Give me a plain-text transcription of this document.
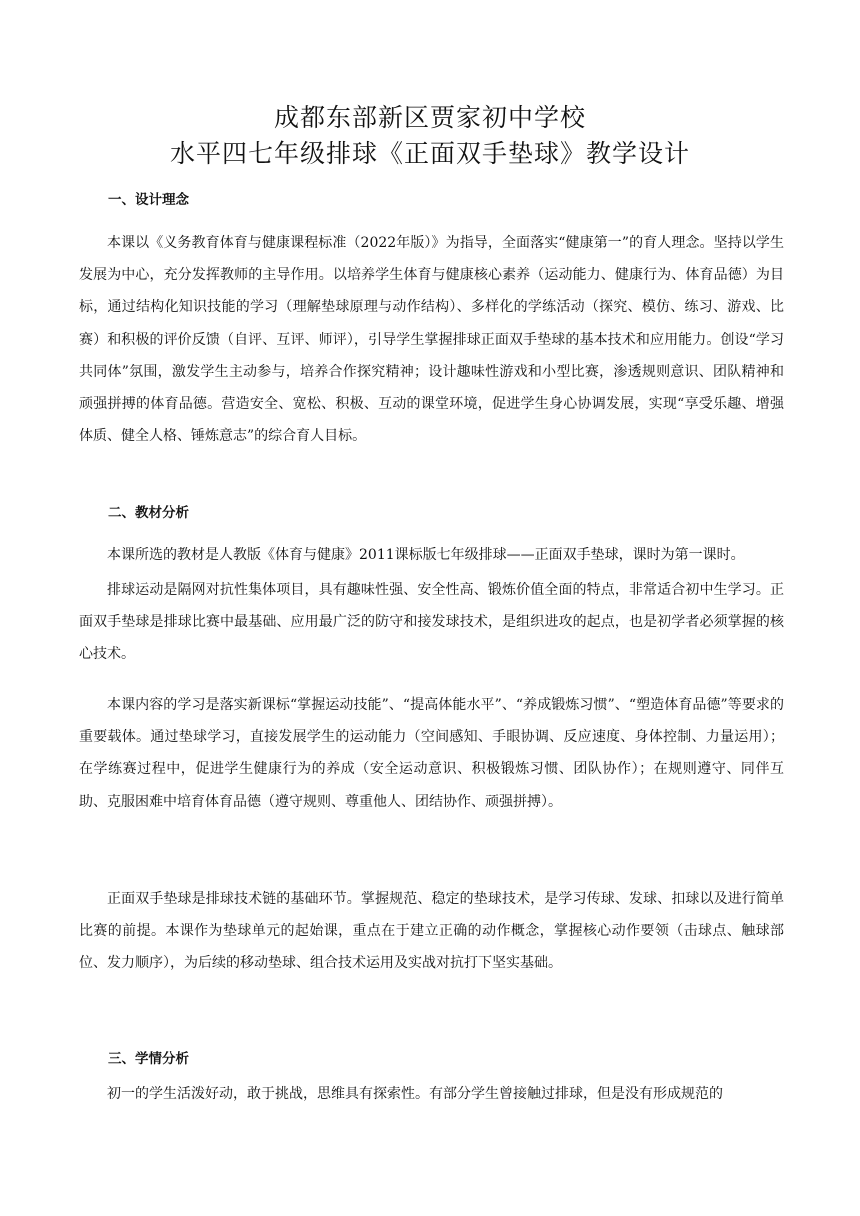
成都东部新区贾家初中学校
水平四七年级排球《正面双手垫球》教学设计
一、设计理念
本课以《义务教育体育与健康课程标准（2022年版）》为指导，全面落实“健康第一”的育人理念。坚持以学生发展为中心，充分发挥教师的主导作用。以培养学生体育与健康核心素养（运动能力、健康行为、体育品德）为目标，通过结构化知识技能的学习（理解垫球原理与动作结构）、多样化的学练活动（探究、模仿、练习、游戏、比赛）和积极的评价反馈（自评、互评、师评），引导学生掌握排球正面双手垫球的基本技术和应用能力。创设“学习共同体”氛围，激发学生主动参与，培养合作探究精神；设计趣味性游戏和小型比赛，渗透规则意识、团队精神和顽强拼搏的体育品德。营造安全、宽松、积极、互动的课堂环境，促进学生身心协调发展，实现“享受乐趣、增强体质、健全人格、锤炼意志”的综合育人目标。
二、教材分析
本课所选的教材是人教版《体育与健康》2011课标版七年级排球——正面双手垫球，课时为第一课时。
排球运动是隔网对抗性集体项目，具有趣味性强、安全性高、锻炼价值全面的特点，非常适合初中生学习。正面双手垫球是排球比赛中最基础、应用最广泛的防守和接发球技术，是组织进攻的起点，也是初学者必须掌握的核心技术。
本课内容的学习是落实新课标“掌握运动技能”、“提高体能水平”、“养成锻炼习惯”、“塑造体育品德”等要求的重要载体。通过垫球学习，直接发展学生的运动能力（空间感知、手眼协调、反应速度、身体控制、力量运用）；在学练赛过程中，促进学生健康行为的养成（安全运动意识、积极锻炼习惯、团队协作）；在规则遵守、同伴互助、克服困难中培育体育品德（遵守规则、尊重他人、团结协作、顽强拼搏）。
正面双手垫球是排球技术链的基础环节。掌握规范、稳定的垫球技术，是学习传球、发球、扣球以及进行简单比赛的前提。本课作为垫球单元的起始课，重点在于建立正确的动作概念，掌握核心动作要领（击球点、触球部位、发力顺序），为后续的移动垫球、组合技术运用及实战对抗打下坚实基础。
三、学情分析
初一的学生活泼好动，敢于挑战，思维具有探索性。有部分学生曾接触过排球，但是没有形成规范的
